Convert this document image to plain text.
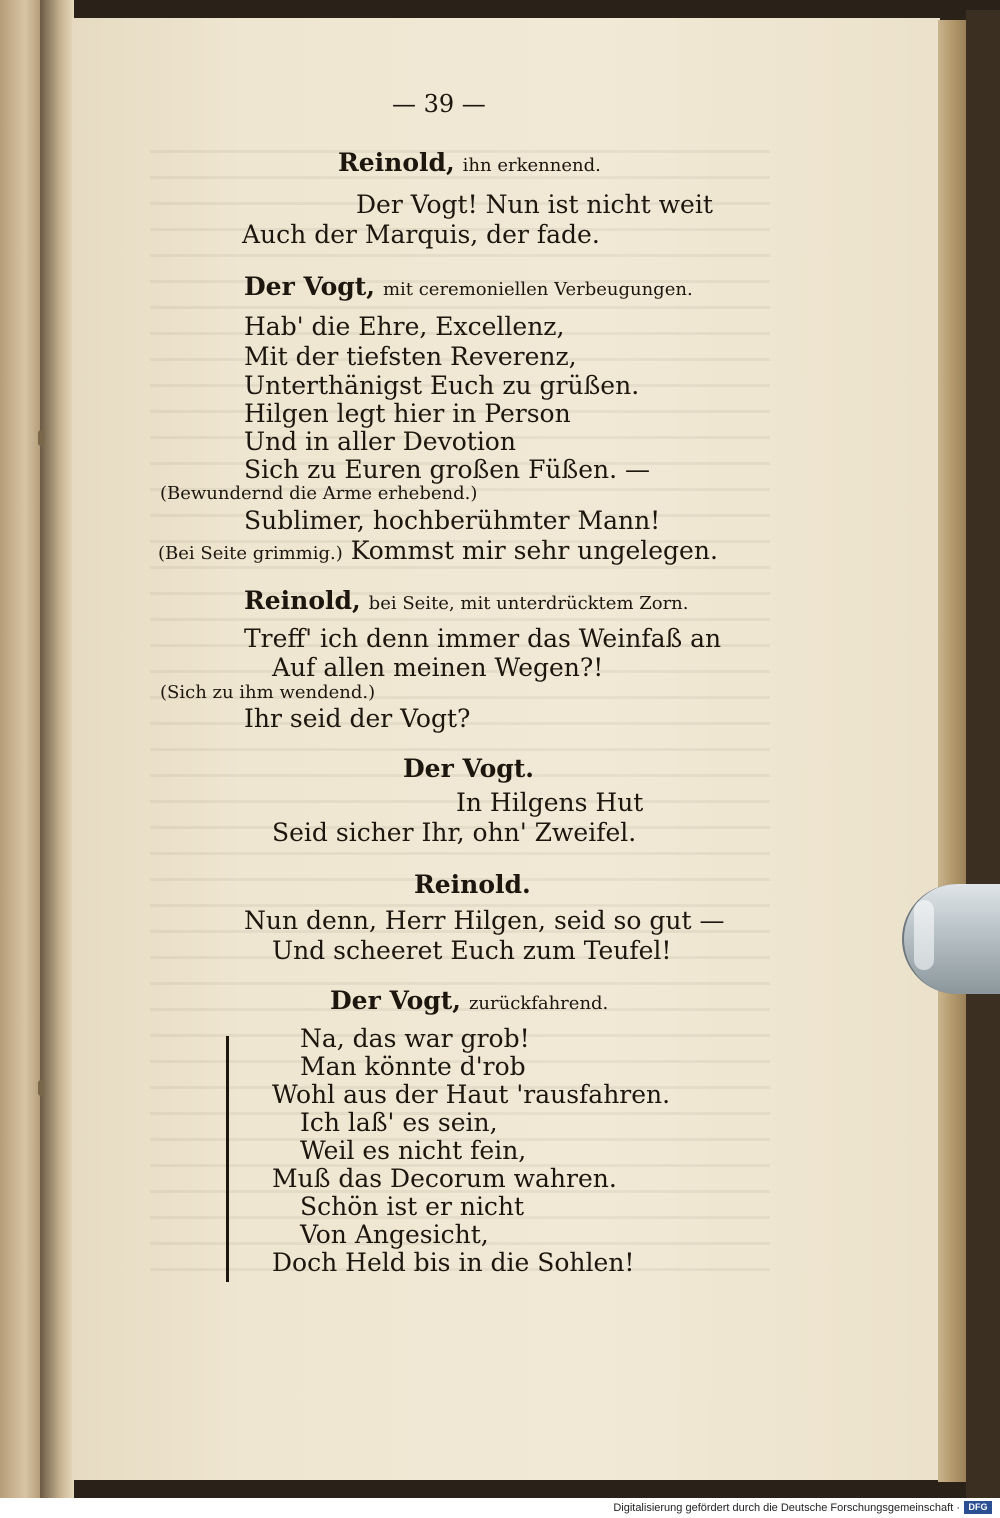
— 39 —
Reinold, ihn erkennend.
Der Vogt! Nun ist nicht weit
Auch der Marquis, der fade.
Der Vogt, mit ceremoniellen Verbeugungen.
Hab' die Ehre, Excellenz,
Mit der tiefsten Reverenz,
Unterthänigst Euch zu grüßen.
Hilgen legt hier in Person
Und in aller Devotion
Sich zu Euren großen Füßen. —
(Bewundernd die Arme erhebend.)
Sublimer, hochberühmter Mann!
(Bei Seite grimmig.) Kommst mir sehr ungelegen.
Reinold, bei Seite, mit unterdrücktem Zorn.
Treff' ich denn immer das Weinfaß an
Auf allen meinen Wegen?!
(Sich zu ihm wendend.)
Ihr seid der Vogt?
Der Vogt.
In Hilgens Hut
Seid sicher Ihr, ohn' Zweifel.
Reinold.
Nun denn, Herr Hilgen, seid so gut —
Und scheeret Euch zum Teufel!
Der Vogt, zurückfahrend.
Na, das war grob!
Man könnte d'rob
Wohl aus der Haut 'rausfahren.
Ich laß' es sein,
Weil es nicht fein,
Muß das Decorum wahren.
Schön ist er nicht
Von Angesicht,
Doch Held bis in die Sohlen!
Digitalisierung gefördert durch die Deutsche Forschungsgemeinschaft · DFG
